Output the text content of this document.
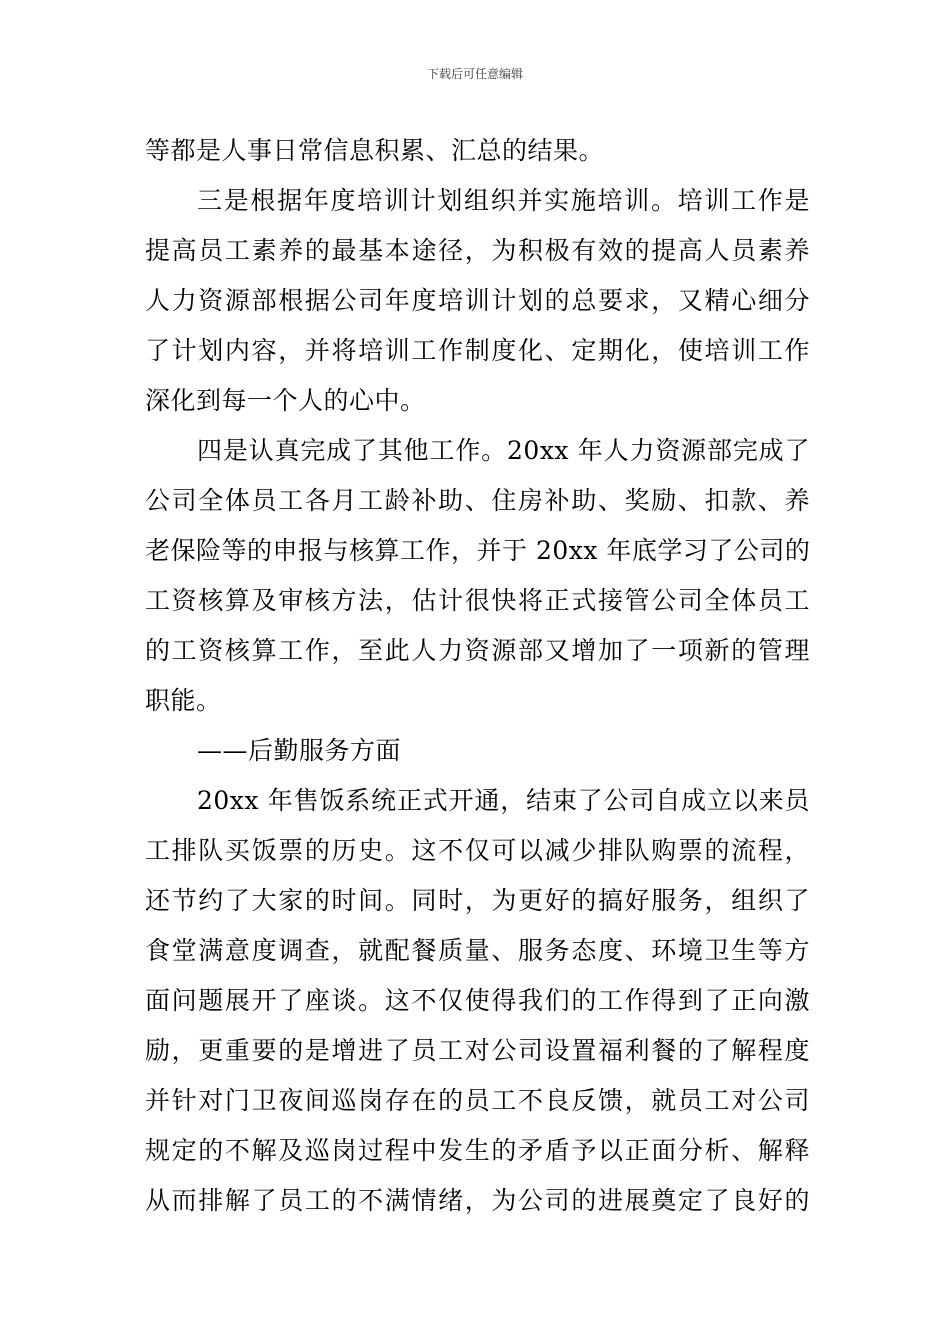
下载后可任意编辑
等都是人事日常信息积累、汇总的结果。
三是根据年度培训计划组织并实施培训。培训工作是
提高员工素养的最基本途径，为积极有效的提高人员素养
人力资源部根据公司年度培训计划的总要求，又精心细分
了计划内容，并将培训工作制度化、定期化，使培训工作
深化到每一个人的心中。
四是认真完成了其他工作。20xx 年人力资源部完成了
公司全体员工各月工龄补助、住房补助、奖励、扣款、养
老保险等的申报与核算工作，并于 20xx 年底学习了公司的
工资核算及审核方法，估计很快将正式接管公司全体员工
的工资核算工作，至此人力资源部又增加了一项新的管理
职能。
——后勤服务方面
20xx 年售饭系统正式开通，结束了公司自成立以来员
工排队买饭票的历史。这不仅可以减少排队购票的流程，
还节约了大家的时间。同时，为更好的搞好服务，组织了
食堂满意度调查，就配餐质量、服务态度、环境卫生等方
面问题展开了座谈。这不仅使得我们的工作得到了正向激
励，更重要的是增进了员工对公司设置福利餐的了解程度
并针对门卫夜间巡岗存在的员工不良反馈，就员工对公司
规定的不解及巡岗过程中发生的矛盾予以正面分析、解释
从而排解了员工的不满情绪，为公司的进展奠定了良好的
